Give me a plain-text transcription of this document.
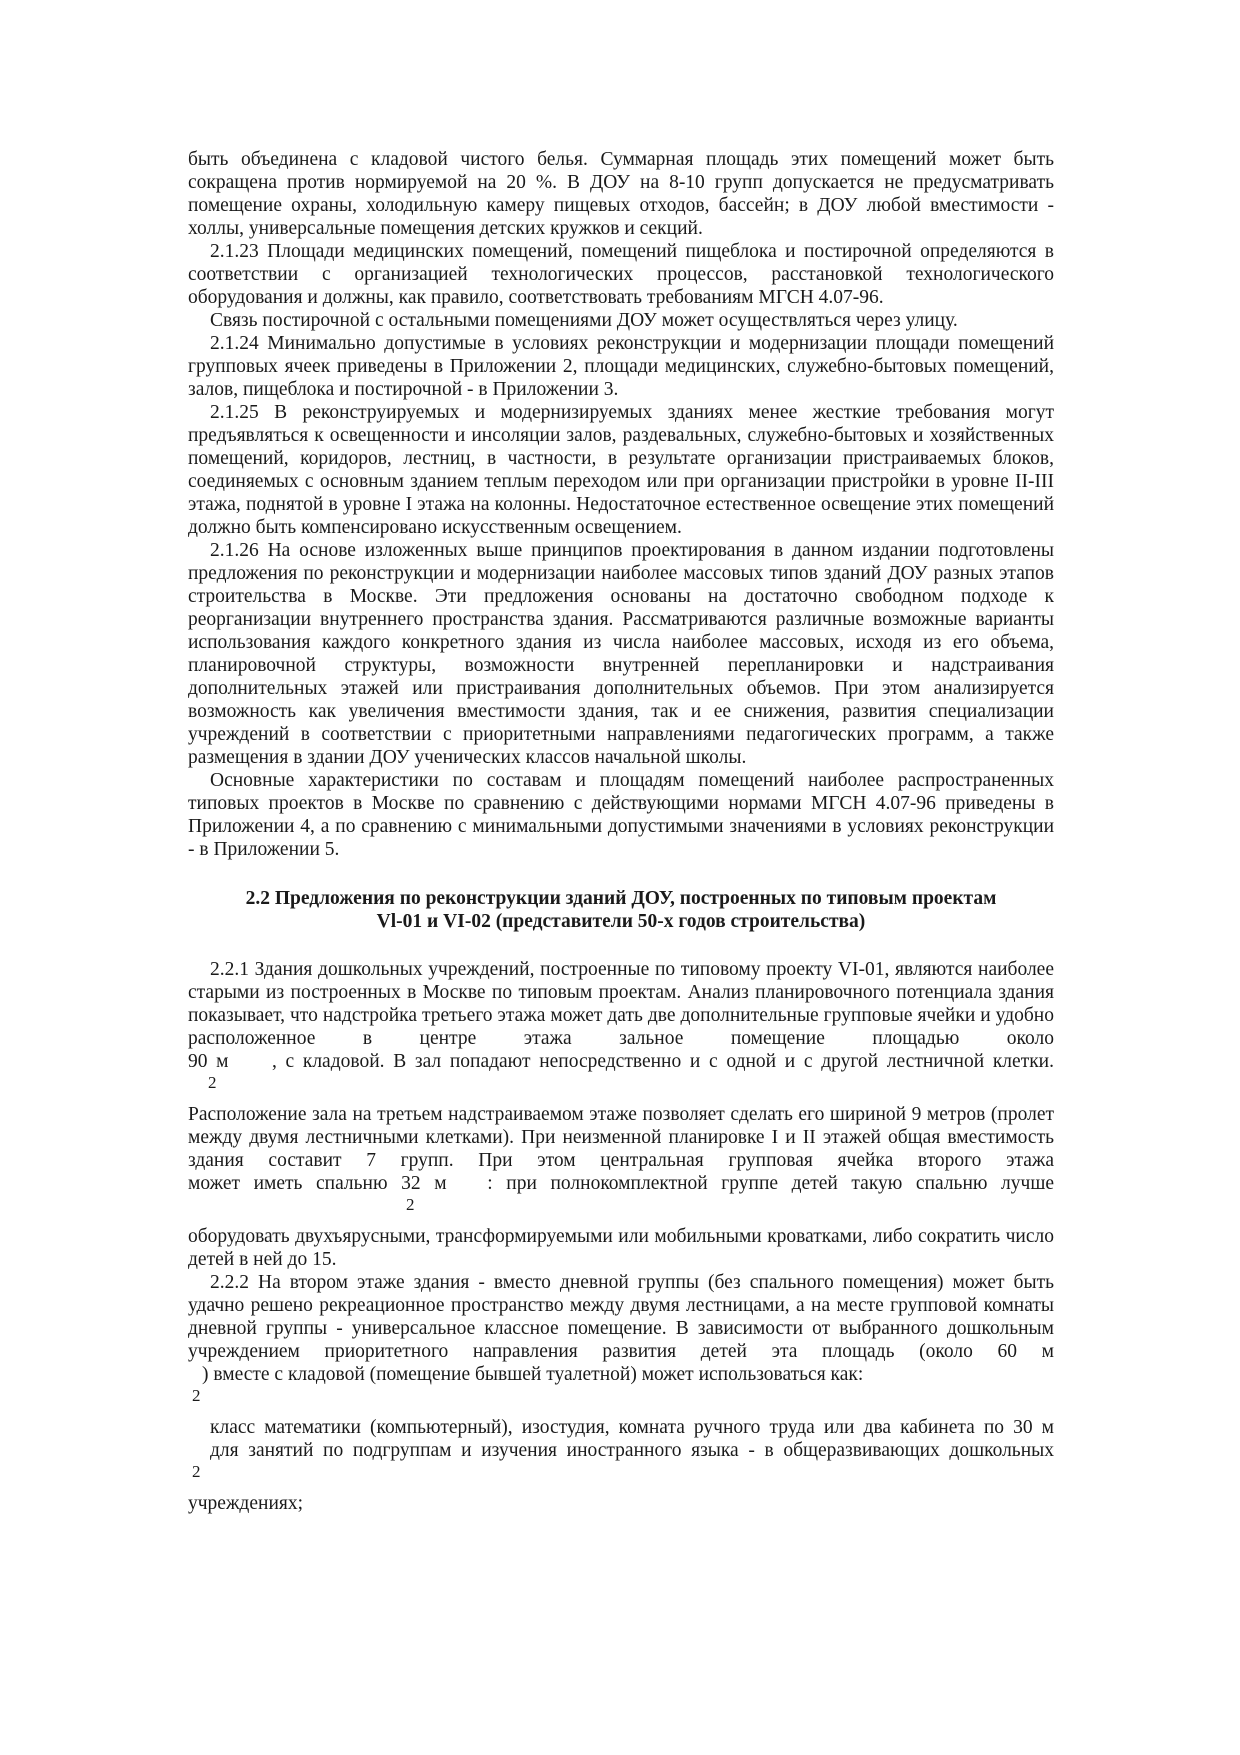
быть объединена с кладовой чистого белья. Суммарная площадь этих помещений может быть сокращена против нормируемой на 20 %. В ДОУ на 8-10 групп допускается не предусматривать помещение охраны, холодильную камеру пищевых отходов, бассейн; в ДОУ любой вместимости - холлы, универсальные помещения детских кружков и секций.

2.1.23 Площади медицинских помещений, помещений пищеблока и постирочной определяются в соответствии с организацией технологических процессов, расстановкой технологического оборудования и должны, как правило, соответствовать требованиям МГСН 4.07-96.

Связь постирочной с остальными помещениями ДОУ может осуществляться через улицу.

2.1.24 Минимально допустимые в условиях реконструкции и модернизации площади помещений групповых ячеек приведены в Приложении 2, площади медицинских, служебно-бытовых помещений, залов, пищеблока и постирочной - в Приложении 3.

2.1.25 В реконструируемых и модернизируемых зданиях менее жесткие требования могут предъявляться к освещенности и инсоляции залов, раздевальных, служебно-бытовых и хозяйственных помещений, коридоров, лестниц, в частности, в результате организации пристраиваемых блоков, соединяемых с основным зданием теплым переходом или при организации пристройки в уровне II-III этажа, поднятой в уровне I этажа на колонны. Недостаточное естественное освещение этих помещений должно быть компенсировано искусственным освещением.

2.1.26 На основе изложенных выше принципов проектирования в данном издании подготовлены предложения по реконструкции и модернизации наиболее массовых типов зданий ДОУ разных этапов строительства в Москве. Эти предложения основаны на достаточно свободном подходе к реорганизации внутреннего пространства здания. Рассматриваются различные возможные варианты использования каждого конкретного здания из числа наиболее массовых, исходя из его объема, планировочной структуры, возможности внутренней перепланировки и надстраивания дополнительных этажей или пристраивания дополнительных объемов. При этом анализируется возможность как увеличения вместимости здания, так и ее снижения, развития специализации учреждений в соответствии с приоритетными направлениями педагогических программ, а также размещения в здании ДОУ ученических классов начальной школы.

Основные характеристики по составам и площадям помещений наиболее распространенных типовых проектов в Москве по сравнению с действующими нормами МГСН 4.07-96 приведены в Приложении 4, а по сравнению с минимальными допустимыми значениями в условиях реконструкции - в Приложении 5.

2.2 Предложения по реконструкции зданий ДОУ, построенных по типовым проектам
Vl-01 и VI-02 (представители 50-х годов строительства)

2.2.1 Здания дошкольных учреждений, построенные по типовому проекту VI-01, являются наиболее старыми из построенных в Москве по типовым проектам. Анализ планировочного потенциала здания показывает, что надстройка третьего этажа может дать две дополнительные групповые ячейки и удобно расположенное в центре этажа зальное помещение площадью около

90 м     , с кладовой. В зал попадают непосредственно и с одной и с другой лестничной клетки.

2

Расположение зала на третьем надстраиваемом этаже позволяет сделать его шириной 9 метров (пролет между двумя лестничными клетками). При неизменной планировке I и II этажей общая вместимость здания составит 7 групп. При этом центральная групповая ячейка второго этажа

может иметь спальню 32 м   : при полнокомплектной группе детей такую спальню лучше

2

оборудовать двухъярусными, трансформируемыми или мобильными кроватками, либо сократить число детей в ней до 15.

2.2.2 На втором этаже здания - вместо дневной группы (без спального помещения) может быть удачно решено рекреационное пространство между двумя лестницами, а на месте групповой комнаты дневной группы - универсальное классное помещение. В зависимости от выбранного дошкольным учреждением приоритетного направления развития детей эта площадь (около 60 м

) вместе с кладовой (помещение бывшей туалетной) может использоваться как:

2

класс математики (компьютерный), изостудия, комната ручного труда или два кабинета по 30 м

для занятий по подгруппам и изучения иностранного языка - в общеразвивающих дошкольных

2

учреждениях;
